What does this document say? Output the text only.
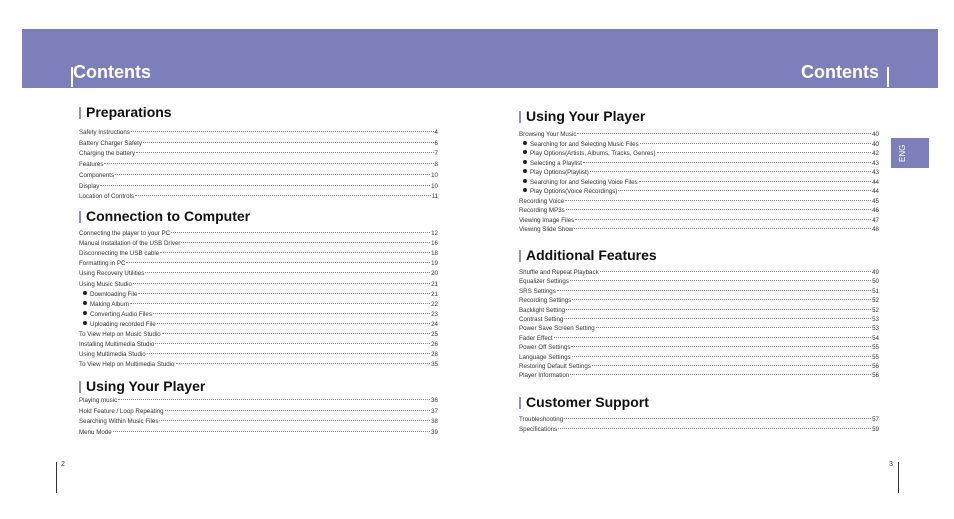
Contents	Contents
ENG
Preparations
Safety Instructions	4
Battery Charger Safety	6
Charging the battery	7
Features	8
Components	10
Display	10
Location of Controls	11
Connection to Computer
Connecting the player to your PC	12
Manual Installation of the USB Driver	16
Disconnecting the USB cable	18
Formatting in PC	19
Using Recovery Utilities	20
Using Music Studio	21
Downloading File	21
Making Album	22
Converting Audio Files	23
Uploading recorded File	24
To View Help on Music Studio	25
Installing Multimedia Studio	26
Using Multimedia Studio	28
To View Help on Multimedia Studio	35
Using Your Player
Playing music	36
Hold Feature / Loop Repeating	37
Searching Within Music Files	38
Menu Mode	39
Using Your Player
Browsing Your Music	40
Searching for and Selecting Music Files	40
Play Options(Artists, Albums, Tracks, Genres)	42
Selecting a Playlist	43
Play Options(Playlist)	43
Searching for and Selecting Voice Files	44
Play Options(Voice Recordings)	44
Recording Voice	45
Recording MP3s	46
Viewing Image Files	47
Viewing Slide Show	48
Additional Features
Shuffle and Repeat Playback	49
Equalizer Settings	50
SRS Settings	51
Recording Settings	52
Backlight Setting	52
Contrast Setting	53
Power Save Screen Setting	53
Fader Effect	54
Power Off Settings	55
Language Settings	55
Restoring Default Settings	56
Player Information	56
Customer Support
Troubleshooting	57
Specifications	59
2	3
